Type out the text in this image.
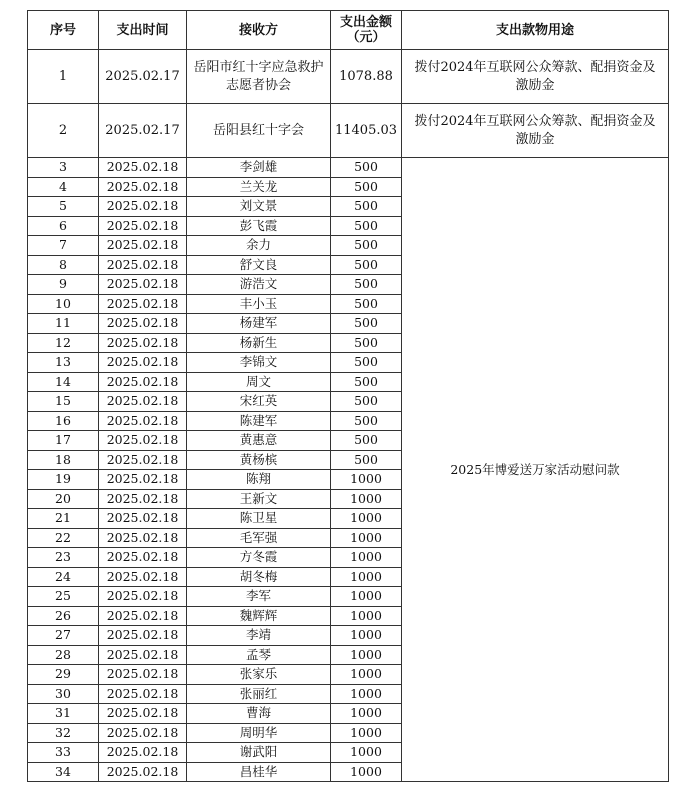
序号	支出时间	接收方	支出金额（元）	支出款物用途
1	2025.02.17	岳阳市红十字应急救护志愿者协会	1078.88	拨付2024年互联网公众筹款、配捐资金及激励金
2	2025.02.17	岳阳县红十字会	11405.03	拨付2024年互联网公众筹款、配捐资金及激励金
3	2025.02.18	李剑雄	500	2025年博爱送万家活动慰问款
4	2025.02.18	兰关龙	500	
5	2025.02.18	刘文景	500	
6	2025.02.18	彭飞霞	500	
7	2025.02.18	余力	500	
8	2025.02.18	舒文良	500	
9	2025.02.18	游浩文	500	
10	2025.02.18	丰小玉	500	
11	2025.02.18	杨建军	500	
12	2025.02.18	杨新生	500	
13	2025.02.18	李锦文	500	
14	2025.02.18	周文	500	
15	2025.02.18	宋红英	500	
16	2025.02.18	陈建军	500	
17	2025.02.18	黄惠意	500	
18	2025.02.18	黄杨槟	500	
19	2025.02.18	陈翔	1000	
20	2025.02.18	王新文	1000	
21	2025.02.18	陈卫星	1000	
22	2025.02.18	毛军强	1000	
23	2025.02.18	方冬霞	1000	
24	2025.02.18	胡冬梅	1000	
25	2025.02.18	李军	1000	
26	2025.02.18	魏辉辉	1000	
27	2025.02.18	李靖	1000	
28	2025.02.18	孟琴	1000	
29	2025.02.18	张家乐	1000	
30	2025.02.18	张丽红	1000	
31	2025.02.18	曹海	1000	
32	2025.02.18	周明华	1000	
33	2025.02.18	谢武阳	1000	
34	2025.02.18	昌桂华	1000	
